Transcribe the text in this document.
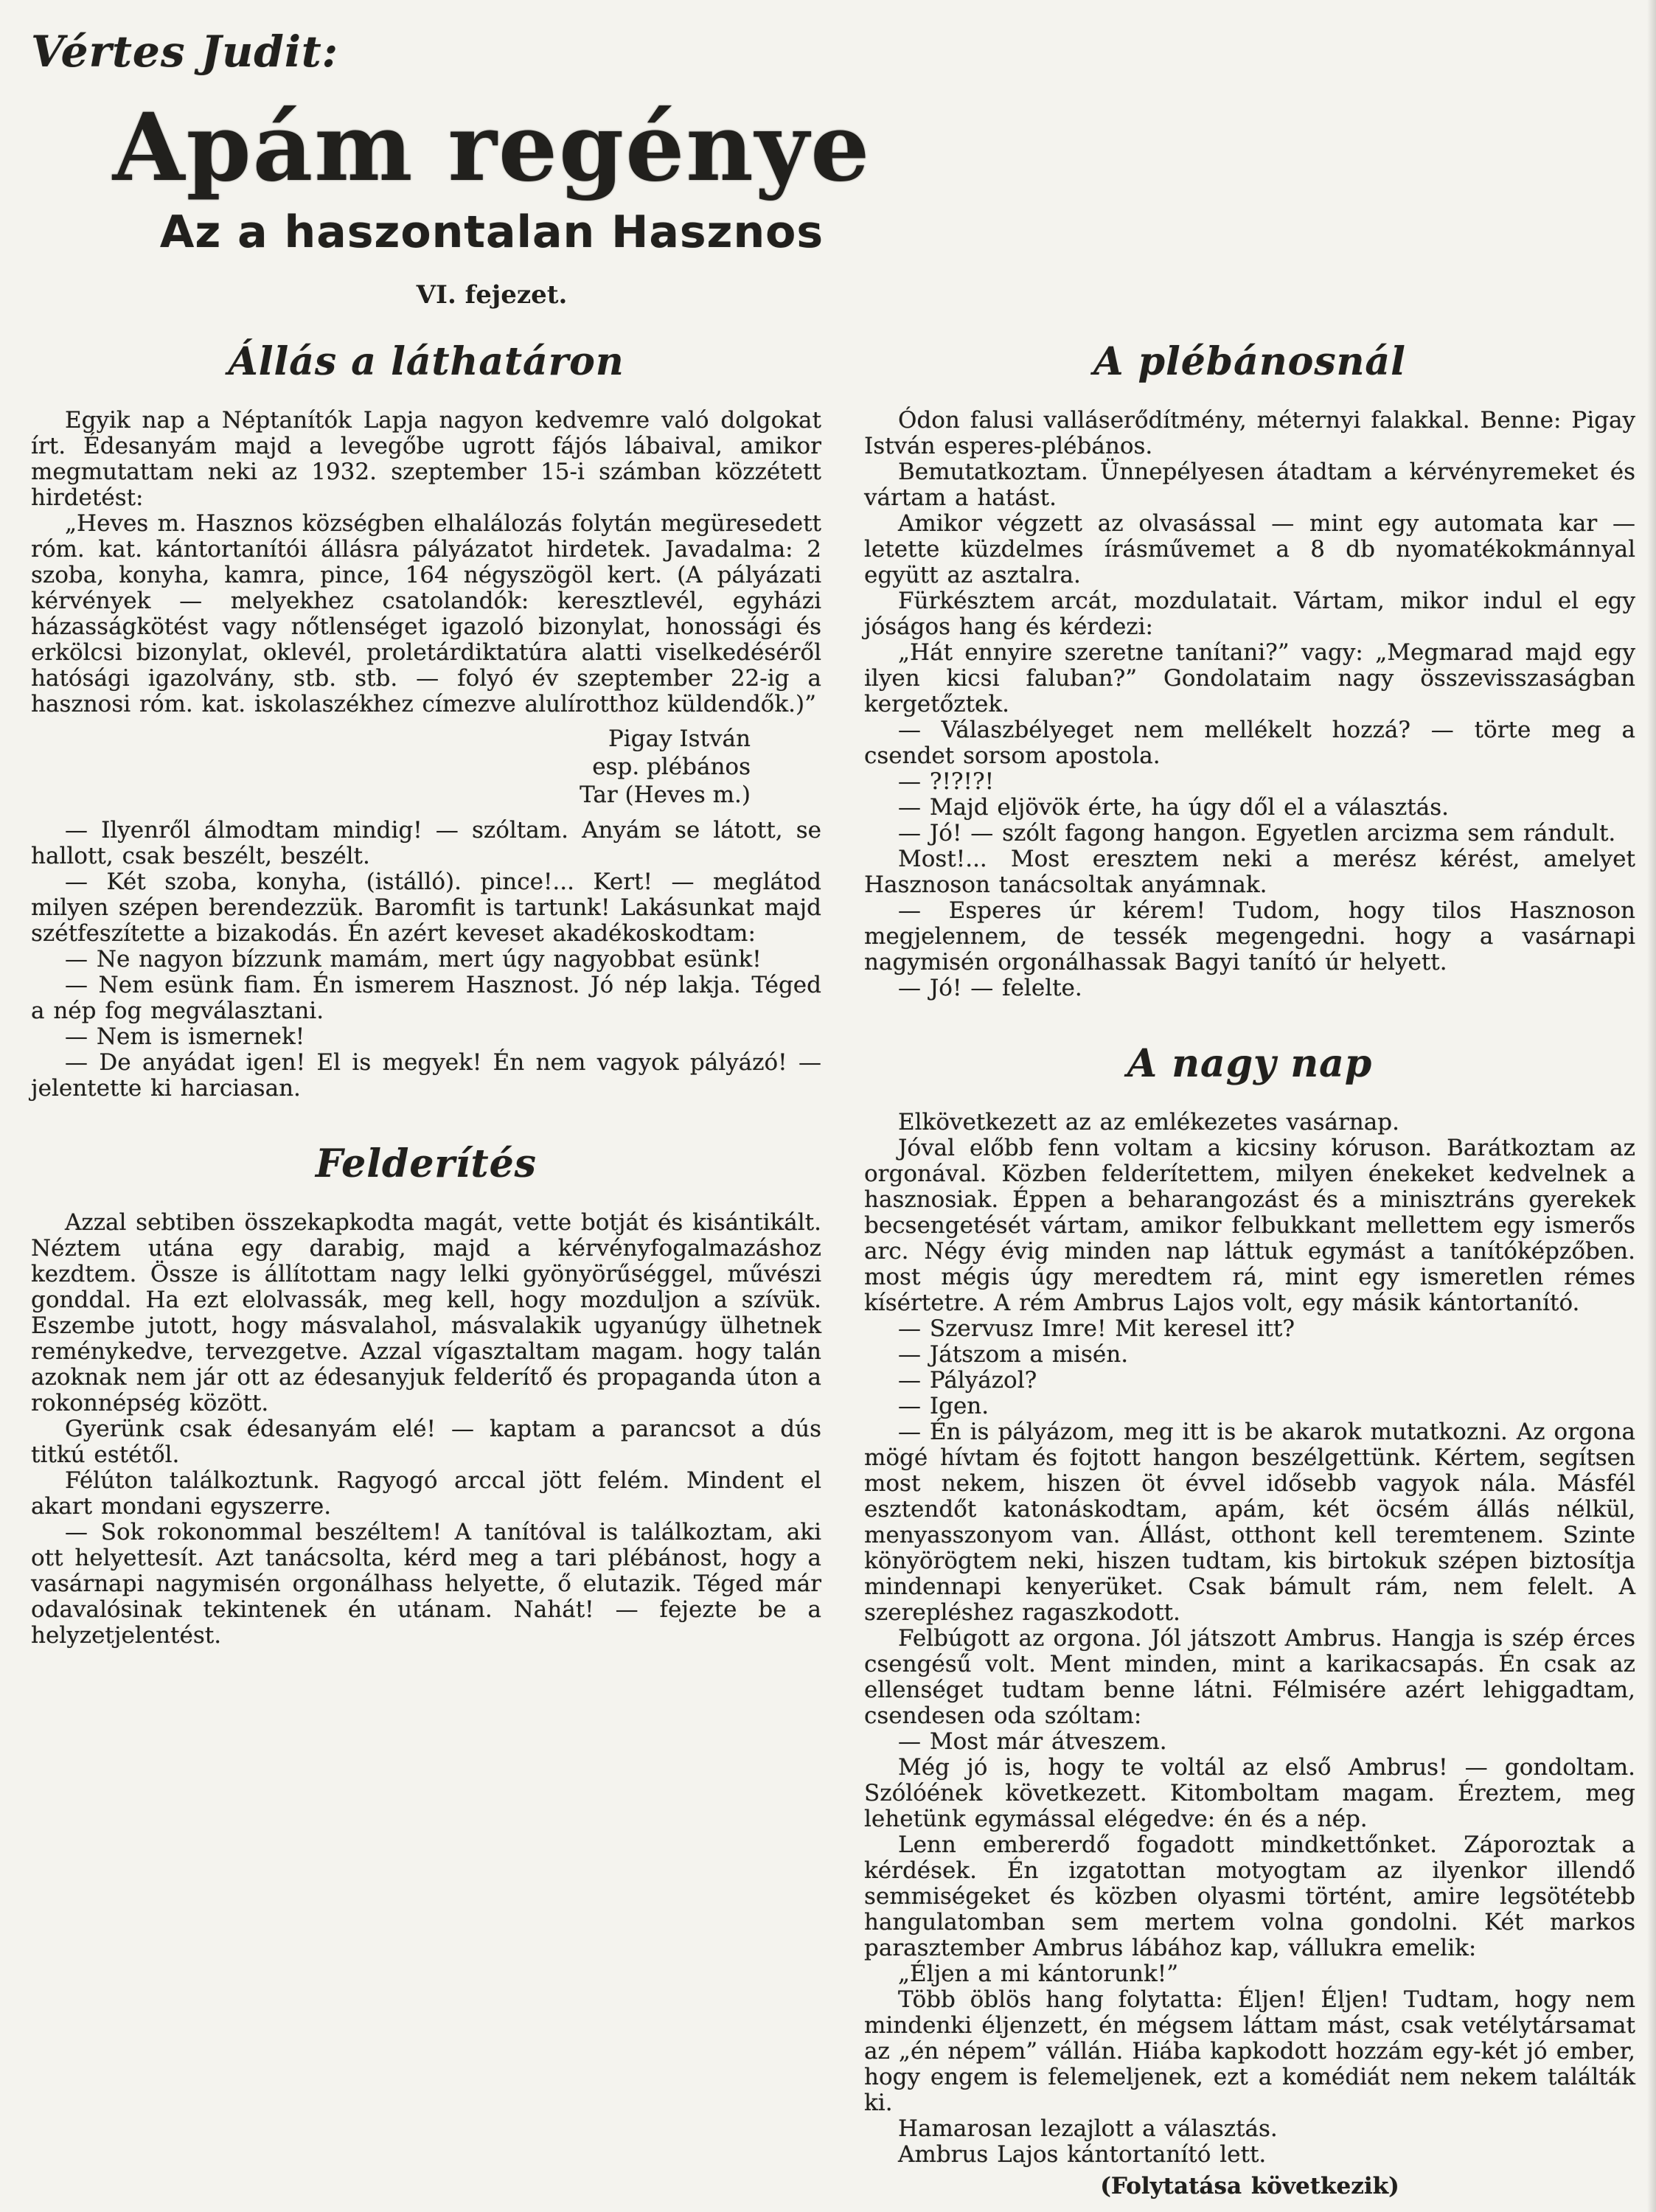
Vértes Judit:
Apám regénye
Az a haszontalan Hasznos
VI. fejezet.
Állás a láthatáron

Egyik nap a Néptanítók Lapja nagyon kedvemre való dolgokat írt. Édesanyám majd a levegőbe ugrott fájós lábaival, amikor megmutattam neki az 1932. szeptember 15-i számban közzétett hirdetést:

„Heves m. Hasznos községben elhalálozás folytán megüresedett róm. kat. kántortanítói állásra pályázatot hirdetek. Javadalma: 2 szoba, konyha, kamra, pince, 164 négyszögöl kert. (A pályázati kérvények — melyekhez csatolandók: keresztlevél, egyházi házasságkötést vagy nőtlenséget igazoló bizonylat, honossági és erkölcsi bizonylat, oklevél, proletárdiktatúra alatti viselkedéséről hatósági igazolvány, stb. stb. — folyó év szeptember 22-ig a hasznosi róm. kat. iskolaszékhez címezve alulírotthoz küldendők.)”

Pigay István
esp. plébános
Tar (Heves m.)

— Ilyenről álmodtam mindig! — szóltam. Anyám se látott, se hallott, csak beszélt, beszélt.

— Két szoba, konyha, (istálló). pince!... Kert! — meglátod milyen szépen berendezzük. Baromfit is tartunk! Lakásunkat majd szétfeszítette a bizakodás. Én azért keveset akadékoskodtam:

— Ne nagyon bízzunk mamám, mert úgy nagyobbat esünk!

— Nem esünk fiam. Én ismerem Hasznost. Jó nép lakja. Téged a nép fog megválasztani.

— Nem is ismernek!

— De anyádat igen! El is megyek! Én nem vagyok pályázó! — jelentette ki harciasan.

Felderítés

Azzal sebtiben összekapkodta magát, vette botját és kisántikált. Néztem utána egy darabig, majd a kérvényfogalmazáshoz kezdtem. Össze is állítottam nagy lelki gyönyörűséggel, művészi gonddal. Ha ezt elolvassák, meg kell, hogy mozduljon a szívük. Eszembe jutott, hogy másvalahol, másvalakik ugyanúgy ülhetnek reménykedve, tervezgetve. Azzal vígasztaltam magam. hogy talán azoknak nem jár ott az édesanyjuk felderítő és propaganda úton a rokonnépség között.

Gyerünk csak édesanyám elé! — kaptam a parancsot a dús titkú estétől.

Félúton találkoztunk. Ragyogó arccal jött felém. Mindent el akart mondani egyszerre.

— Sok rokonommal beszéltem! A tanítóval is találkoztam, aki ott helyettesít. Azt tanácsolta, kérd meg a tari plébánost, hogy a vasárnapi nagymisén orgonálhass helyette, ő elutazik. Téged már odavalósinak tekintenek én utánam. Nahát! — fejezte be a helyzetjelentést.

A plébánosnál

Ódon falusi valláserődítmény, méternyi falakkal. Benne: Pigay István esperes-plébános.

Bemutatkoztam. Ünnepélyesen átadtam a kérvényremeket és vártam a hatást.

Amikor végzett az olvasással — mint egy automata kar — letette küzdelmes írásművemet a 8 db nyomatékokmánnyal együtt az asztalra.

Fürkésztem arcát, mozdulatait. Vártam, mikor indul el egy jóságos hang és kérdezi:

„Hát ennyire szeretne tanítani?” vagy: „Megmarad majd egy ilyen kicsi faluban?” Gondolataim nagy összevisszaságban kergetőztek.

— Válaszbélyeget nem mellékelt hozzá? — törte meg a csendet sorsom apostola.

— ?!?!?!

— Majd eljövök érte, ha úgy dől el a választás.

— Jó! — szólt fagong hangon. Egyetlen arcizma sem rándult.

Most!... Most eresztem neki a merész kérést, amelyet Hasznoson tanácsoltak anyámnak.

— Esperes úr kérem! Tudom, hogy tilos Hasznoson megjelennem, de tessék megengedni. hogy a vasárnapi nagymisén orgonálhassak Bagyi tanító úr helyett.

— Jó! — felelte.

A nagy nap

Elkövetkezett az az emlékezetes vasárnap.

Jóval előbb fenn voltam a kicsiny kóruson. Barátkoztam az orgonával. Közben felderítettem, milyen énekeket kedvelnek a hasznosiak. Éppen a beharangozást és a minisztráns gyerekek becsengetését vártam, amikor felbukkant mellettem egy ismerős arc. Négy évig minden nap láttuk egymást a tanítóképzőben. most mégis úgy meredtem rá, mint egy ismeretlen rémes kísértetre. A rém Ambrus Lajos volt, egy másik kántortanító.

— Szervusz Imre! Mit keresel itt?

— Játszom a misén.

— Pályázol?

— Igen.

— Én is pályázom, meg itt is be akarok mutatkozni. Az orgona mögé hívtam és fojtott hangon beszélgettünk. Kértem, segítsen most nekem, hiszen öt évvel idősebb vagyok nála. Másfél esztendőt katonáskodtam, apám, két öcsém állás nélkül, menyasszonyom van. Állást, otthont kell teremtenem. Szinte könyörögtem neki, hiszen tudtam, kis birtokuk szépen biztosítja mindennapi kenyerüket. Csak bámult rám, nem felelt. A szerepléshez ragaszkodott.

Felbúgott az orgona. Jól játszott Ambrus. Hangja is szép érces csengésű volt. Ment minden, mint a karikacsapás. Én csak az ellenséget tudtam benne látni. Félmisére azért lehiggadtam, csendesen oda szóltam:

— Most már átveszem.

Még jó is, hogy te voltál az első Ambrus! — gondoltam. Szólóének következett. Kitomboltam magam. Éreztem, meg lehetünk egymással elégedve: én és a nép.

Lenn embererdő fogadott mindkettőnket. Záporoztak a kérdések. Én izgatottan motyogtam az ilyenkor illendő semmiségeket és közben olyasmi történt, amire legsötétebb hangulatomban sem mertem volna gondolni. Két markos parasztember Ambrus lábához kap, vállukra emelik:

„Éljen a mi kántorunk!”

Több öblös hang folytatta: Éljen! Éljen! Tudtam, hogy nem mindenki éljenzett, én mégsem láttam mást, csak vetélytársamat az „én népem” vállán. Hiába kapkodott hozzám egy-két jó ember, hogy engem is felemeljenek, ezt a komédiát nem nekem találták ki.

Hamarosan lezajlott a választás.

Ambrus Lajos kántortanító lett.

(Folytatása következik)
